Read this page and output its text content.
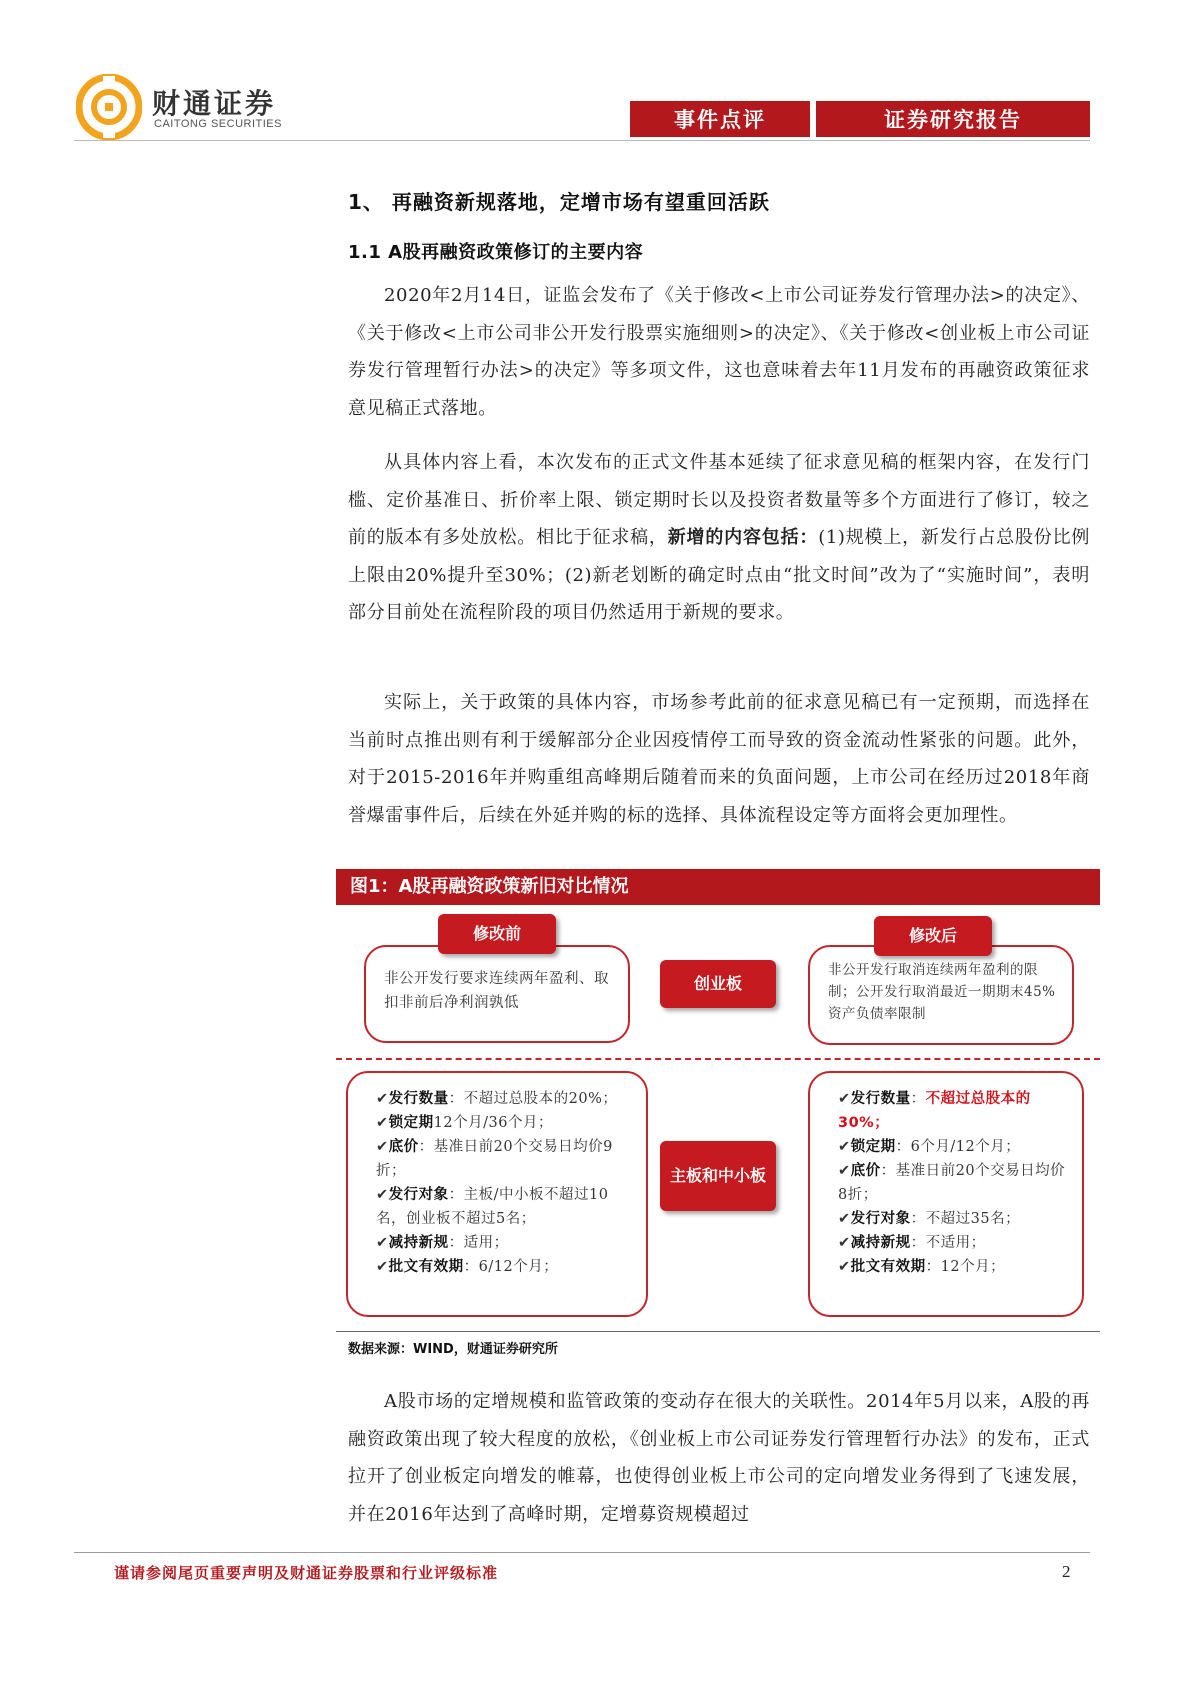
财通证券
CAITONG SECURITIES	事件点评	证券研究报告
1、 再融资新规落地，定增市场有望重回活跃
1.1 A股再融资政策修订的主要内容
2020年2月14日，证监会发布了《关于修改<上市公司证券发行管理办法>的决定》、《关于修改<上市公司非公开发行股票实施细则>的决定》、《关于修改<创业板上市公司证券发行管理暂行办法>的决定》等多项文件，这也意味着去年11月发布的再融资政策征求意见稿正式落地。
从具体内容上看，本次发布的正式文件基本延续了征求意见稿的框架内容，在发行门槛、定价基准日、折价率上限、锁定期时长以及投资者数量等多个方面进行了修订，较之前的版本有多处放松。相比于征求稿，新增的内容包括：(1)规模上，新发行占总股份比例上限由20%提升至30%；(2)新老划断的确定时点由“批文时间”改为了“实施时间”，表明部分目前处在流程阶段的项目仍然适用于新规的要求。
实际上，关于政策的具体内容，市场参考此前的征求意见稿已有一定预期，而选择在当前时点推出则有利于缓解部分企业因疫情停工而导致的资金流动性紧张的问题。此外，对于2015-2016年并购重组高峰期后随着而来的负面问题，上市公司在经历过2018年商誉爆雷事件后，后续在外延并购的标的选择、具体流程设定等方面将会更加理性。
图1：A股再融资政策新旧对比情况
修改前	修改后
非公开发行要求连续两年盈利、取扣非前后净利润孰低
创业板
非公开发行取消连续两年盈利的限制；公开发行取消最近一期期末45%资产负债率限制
✔发行数量：不超过总股本的20%；
✔锁定期12个月/36个月；
✔底价：基准日前20个交易日均价9折；
✔发行对象：主板/中小板不超过10名，创业板不超过5名；
✔减持新规：适用；
✔批文有效期：6/12个月；
主板和中小板
✔发行数量：不超过总股本的30%；
✔锁定期：6个月/12个月；
✔底价：基准日前20个交易日均价8折；
✔发行对象：不超过35名；
✔减持新规：不适用；
✔批文有效期：12个月；
数据来源：WIND，财通证券研究所
A股市场的定增规模和监管政策的变动存在很大的关联性。2014年5月以来，A股的再融资政策出现了较大程度的放松，《创业板上市公司证券发行管理暂行办法》的发布，正式拉开了创业板定向增发的帷幕，也使得创业板上市公司的定向增发业务得到了飞速发展，并在2016年达到了高峰时期，定增募资规模超过
谨请参阅尾页重要声明及财通证券股票和行业评级标准	2
